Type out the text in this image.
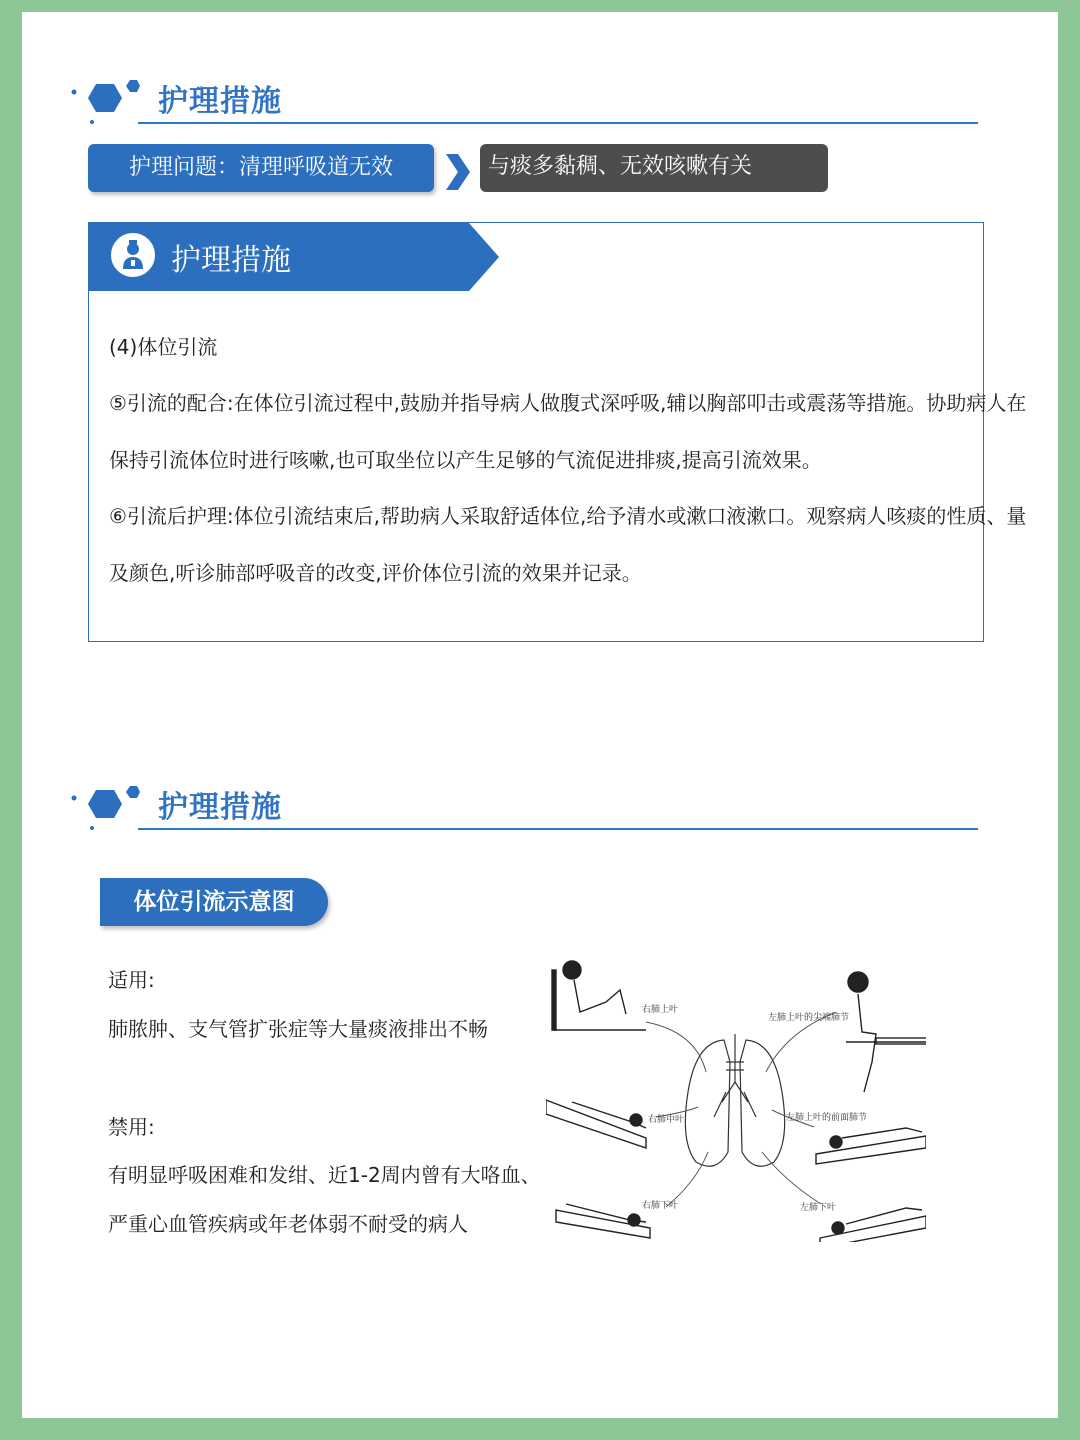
护理措施
护理问题：清理呼吸道无效	与痰多黏稠、无效咳嗽有关
护理措施
(4)体位引流
⑤引流的配合:在体位引流过程中,鼓励并指导病人做腹式深呼吸,辅以胸部叩击或震荡等措施。协助病人在
保持引流体位时进行咳嗽,也可取坐位以产生足够的气流促进排痰,提高引流效果。
⑥引流后护理:体位引流结束后,帮助病人采取舒适体位,给予清水或漱口液漱口。观察病人咳痰的性质、量
及颜色,听诊肺部呼吸音的改变,评价体位引流的效果并记录。
护理措施
体位引流示意图
适用:
肺脓肿、支气管扩张症等大量痰液排出不畅
禁用:
有明显呼吸困难和发绀、近1-2周内曾有大咯血、
严重心血管疾病或年老体弱不耐受的病人
右肺上叶
左肺上叶的尖端肺节
右肺中叶	左肺上叶的前面肺节
右肺下叶	左肺下叶
